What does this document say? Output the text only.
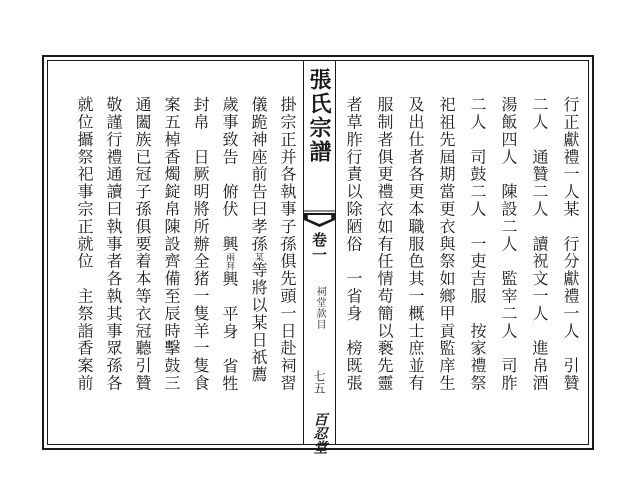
張氏宗譜
卷一
祠堂款目
七五
百忍堂
掛宗正并各執事子孫俱先頭一日赴祠習
儀跪神座前告曰孝孫某等將以某日祇薦
歲事致告　俯伏　興兩拜興　平身　省牲
封帛　日厥明將所辦全猪一隻羊一隻食
案五棹香燭錠帛陳設齊備至辰時擊鼓三
通闔族已冠子孫俱要着本等衣冠聽引贊
敬謹行禮通讀曰執事者各執其事眾孫各
就位攝祭祀事宗正就位　主祭詣香案前	行正獻禮一人某　行分獻禮一人　引贊
二人　通贊二人　讀祝文一人　進帛酒
湯飯四人　陳設二人　監宰二人　司胙
二人　司鼓二人　一吏吉服　按家禮祭
祀祖先屆期當更衣與祭如鄉甲貢監庠生
及出仕者各更本職服色其一概士庶並有
服制者俱更禮衣如有任情苟簡以褻先靈
者草胙行責以除陋俗　一省身　榜既張
